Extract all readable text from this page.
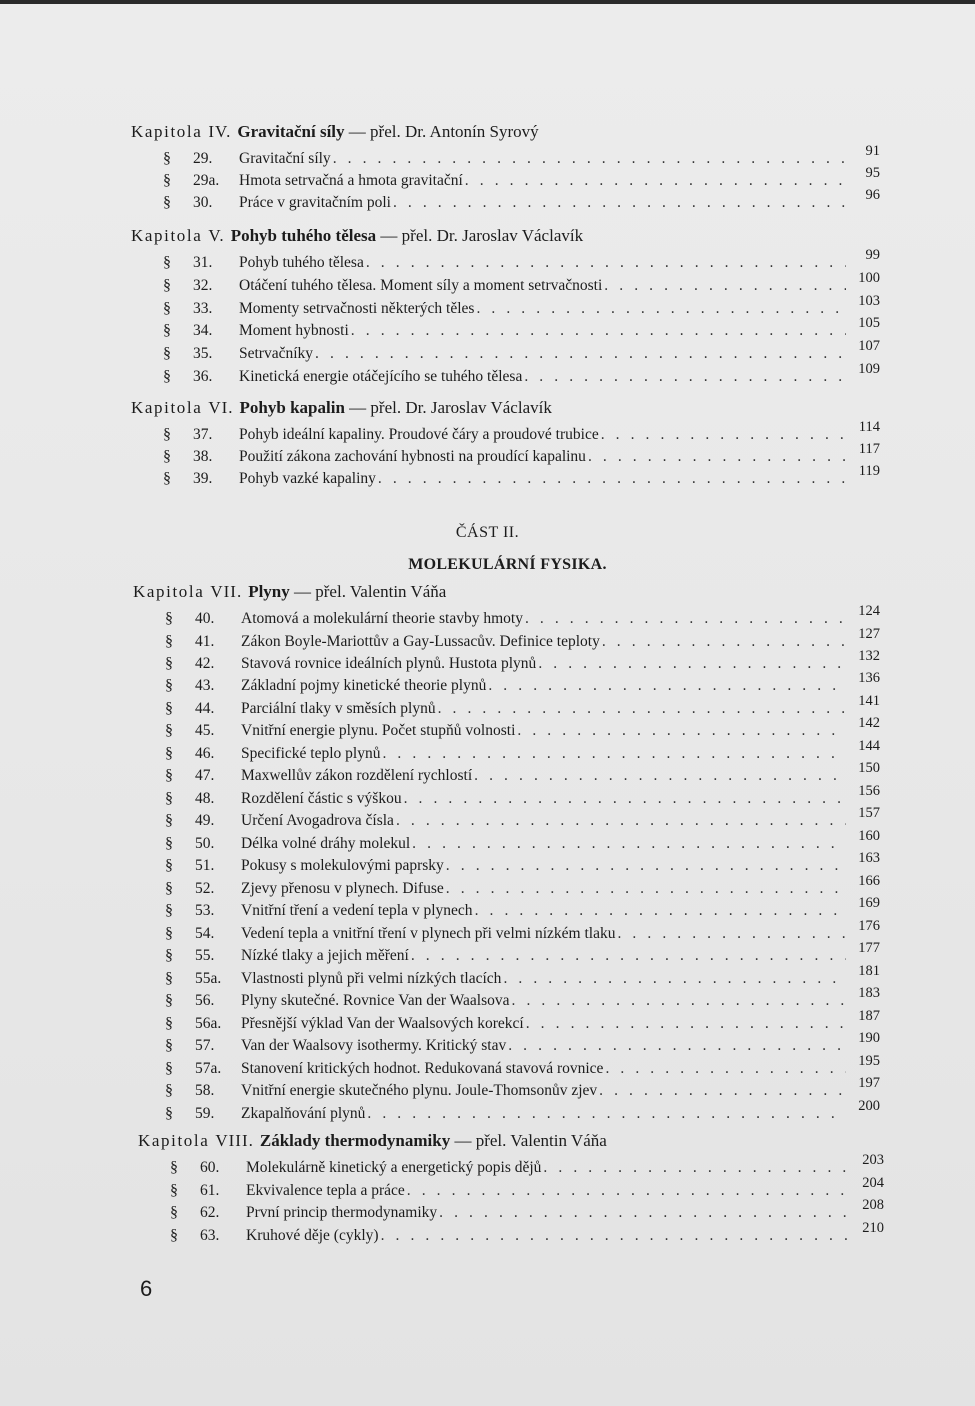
Kapitola IV. Gravitační síly — přel. Dr. Antonín Syrový
§	29.	Gravitační síly . . .	91
§	29a.	Hmota setrvačná a hmota gravitační . . .	95
§	30.	Práce v gravitačním poli . . .	96
Kapitola V. Pohyb tuhého tělesa — přel. Dr. Jaroslav Václavík
§	31.	Pohyb tuhého tělesa . . .	99
§	32.	Otáčení tuhého tělesa. Moment síly a moment setrvačnosti . . .	100
§	33.	Momenty setrvačnosti některých těles . . .	103
§	34.	Moment hybnosti . . .	105
§	35.	Setrvačníky . . .	107
§	36.	Kinetická energie otáčejícího se tuhého tělesa . . .	109
Kapitola VI. Pohyb kapalin — přel. Dr. Jaroslav Václavík
§	37.	Pohyb ideální kapaliny. Proudové čáry a proudové trubice . . .	114
§	38.	Použití zákona zachování hybnosti na proudící kapalinu . . .	117
§	39.	Pohyb vazké kapaliny . . .	119
ČÁST II.
MOLEKULÁRNÍ FYSIKA.
Kapitola VII. Plyny — přel. Valentin Váňa
§	40.	Atomová a molekulární theorie stavby hmoty . . .	124
§	41.	Zákon Boyle-Mariottův a Gay-Lussacův. Definice teploty . . .	127
§	42.	Stavová rovnice ideálních plynů. Hustota plynů . . .	132
§	43.	Základní pojmy kinetické theorie plynů . . .	136
§	44.	Parciální tlaky v směsích plynů . . .	141
§	45.	Vnitřní energie plynu. Počet stupňů volnosti . . .	142
§	46.	Specifické teplo plynů . . .	144
§	47.	Maxwellův zákon rozdělení rychlostí . . .	150
§	48.	Rozdělení částic s výškou . . .	156
§	49.	Určení Avogadrova čísla . . .	157
§	50.	Délka volné dráhy molekul . . .	160
§	51.	Pokusy s molekulovými paprsky . . .	163
§	52.	Zjevy přenosu v plynech. Difuse . . .	166
§	53.	Vnitřní tření a vedení tepla v plynech . . .	169
§	54.	Vedení tepla a vnitřní tření v plynech při velmi nízkém tlaku . . .	176
§	55.	Nízké tlaky a jejich měření . . .	177
§	55a.	Vlastnosti plynů při velmi nízkých tlacích . . .	181
§	56.	Plyny skutečné. Rovnice Van der Waalsova . . .	183
§	56a.	Přesnější výklad Van der Waalsových korekcí . . .	187
§	57.	Van der Waalsovy isothermy. Kritický stav . . .	190
§	57a.	Stanovení kritických hodnot. Redukovaná stavová rovnice . . .	195
§	58.	Vnitřní energie skutečného plynu. Joule-Thomsonův zjev . . .	197
§	59.	Zkapalňování plynů . . .	200
Kapitola VIII. Základy thermodynamiky — přel. Valentin Váňa
§	60.	Molekulárně kinetický a energetický popis dějů . . .	203
§	61.	Ekvivalence tepla a práce . . .	204
§	62.	První princip thermodynamiky . . .	208
§	63.	Kruhové děje (cykly) . . .	210
6
